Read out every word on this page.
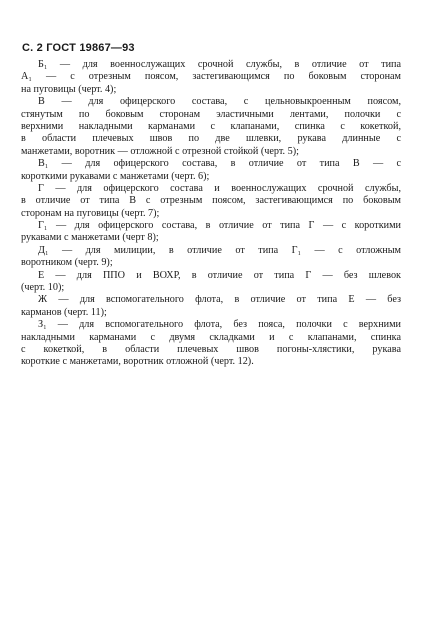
С. 2 ГОСТ 19867—93
Б₁ — для военнослужащих срочной службы, в отличие от типа
А₁ — с отрезным поясом, застегивающимся по боковым сторонам
на пуговицы (черт. 4);
В — для офицерского состава, с цельновыкроенным поясом,
стянутым по боковым сторонам эластичными лентами, полочки с
верхними накладными карманами с клапанами, спинка с кокеткой,
в области плечевых швов по две шлевки, рукава длинные с
манжетами, воротник — отложной с отрезной стойкой (черт. 5);
В₁ — для офицерского состава, в отличие от типа В — с
короткими рукавами с манжетами (черт. 6);
Г — для офицерского состава и военнослужащих срочной службы,
в отличие от типа В с отрезным поясом, застегивающимся по боковым
сторонам на пуговицы (черт. 7);
Г₁ — для офицерского состава, в отличие от типа Г — с короткими
рукавами с манжетами (черт 8);
Д₁ — для милиции, в отличие от типа Г₁ — с отложным
воротником (черт. 9);
Е — для ППО и ВОХР, в отличие от типа Г — без шлевок
(черт. 10);
Ж — для вспомогательного флота, в отличие от типа Е — без
карманов (черт. 11);
З₁ — для вспомогательного флота, без пояса, полочки с верхними
накладными карманами с двумя складками и с клапанами, спинка
с кокеткой, в области плечевых швов погоны-хлястики, рукава
короткие с манжетами, воротник отложной (черт. 12).
